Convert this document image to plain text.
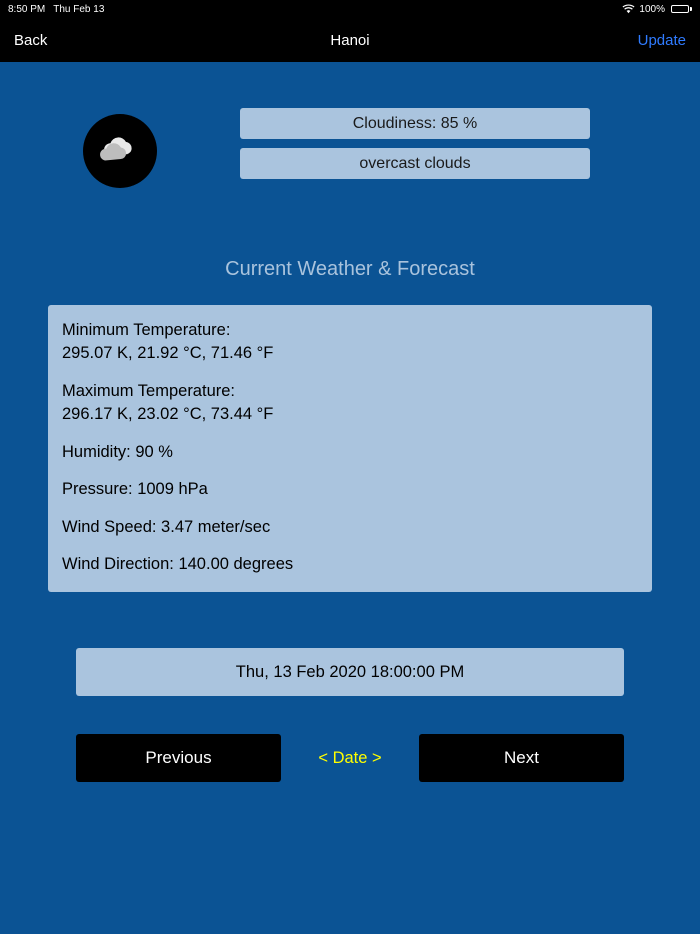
8:50 PM Thu Feb 13	100%
Back	Hanoi	Update
Cloudiness: 85 %
overcast clouds
Current Weather & Forecast
Minimum Temperature:
295.07 K, 21.92 °C, 71.46 °F
Maximum Temperature:
296.17 K, 23.02 °C, 73.44 °F
Humidity: 90 %
Pressure: 1009 hPa
Wind Speed: 3.47 meter/sec
Wind Direction: 140.00 degrees
Thu, 13 Feb 2020 18:00:00 PM
Previous	< Date >	Next
